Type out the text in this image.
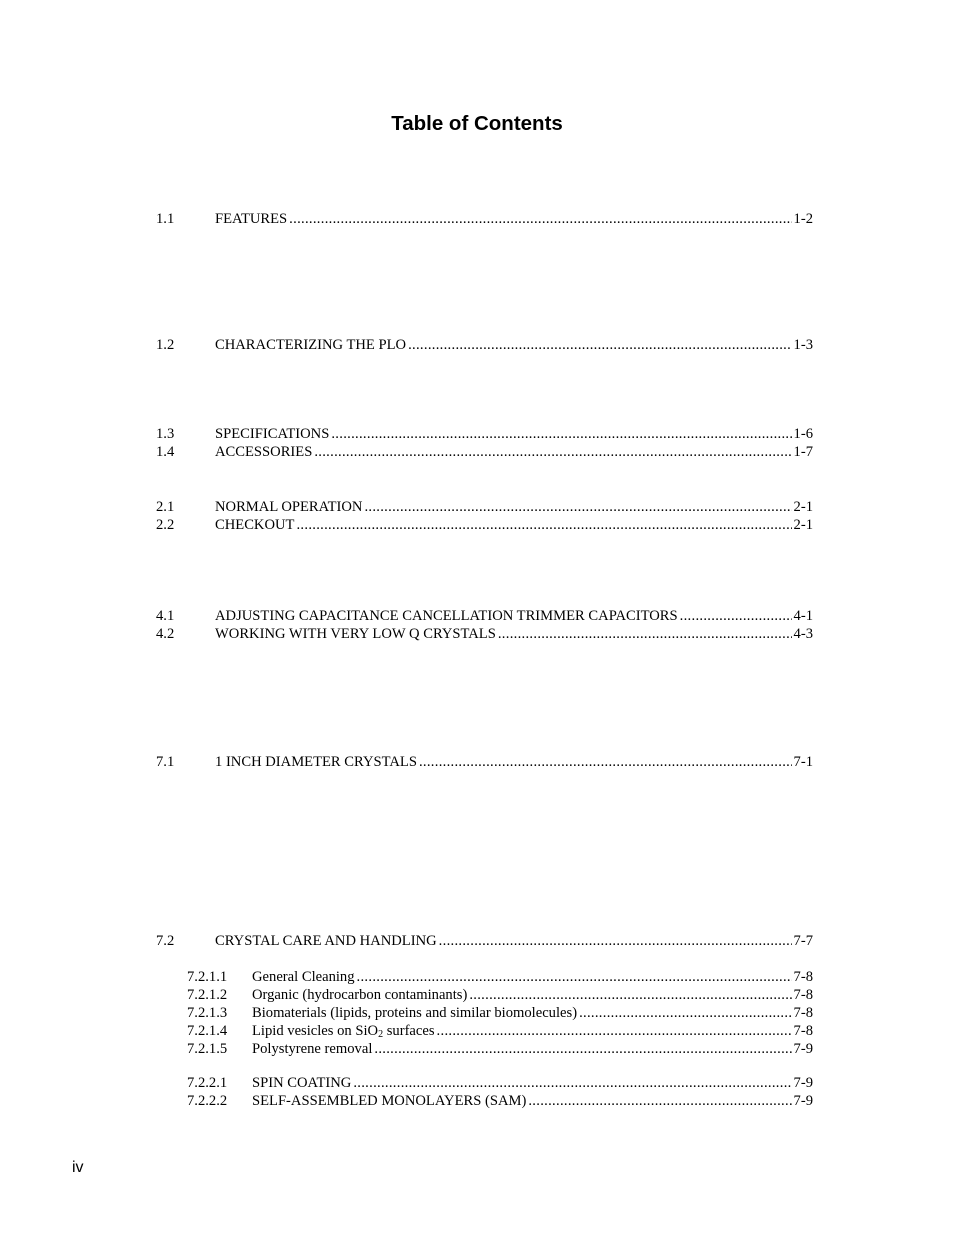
Table of Contents
1.1	FEATURES .....	1-2
1.2	CHARACTERIZING THE PLO .....	1-3
1.3	SPECIFICATIONS .....	1-6
1.4	ACCESSORIES .....	1-7
2.1	NORMAL OPERATION .....	2-1
2.2	CHECKOUT .....	2-1
4.1	ADJUSTING CAPACITANCE CANCELLATION TRIMMER CAPACITORS .....	4-1
4.2	WORKING WITH VERY LOW Q CRYSTALS .....	4-3
7.1	1 INCH DIAMETER CRYSTALS .....	7-1
7.2	CRYSTAL CARE AND HANDLING .....	7-7
7.2.1.1 General Cleaning .....	7-8
7.2.1.2 Organic (hydrocarbon contaminants) .....	7-8
7.2.1.3 Biomaterials (lipids, proteins and similar biomolecules) .....	7-8
7.2.1.4 Lipid vesicles on SiO2 surfaces .....	7-8
7.2.1.5 Polystyrene removal .....	7-9
7.2.2.1 SPIN COATING .....	7-9
7.2.2.2 SELF-ASSEMBLED MONOLAYERS (SAM) .....	7-9
iv
